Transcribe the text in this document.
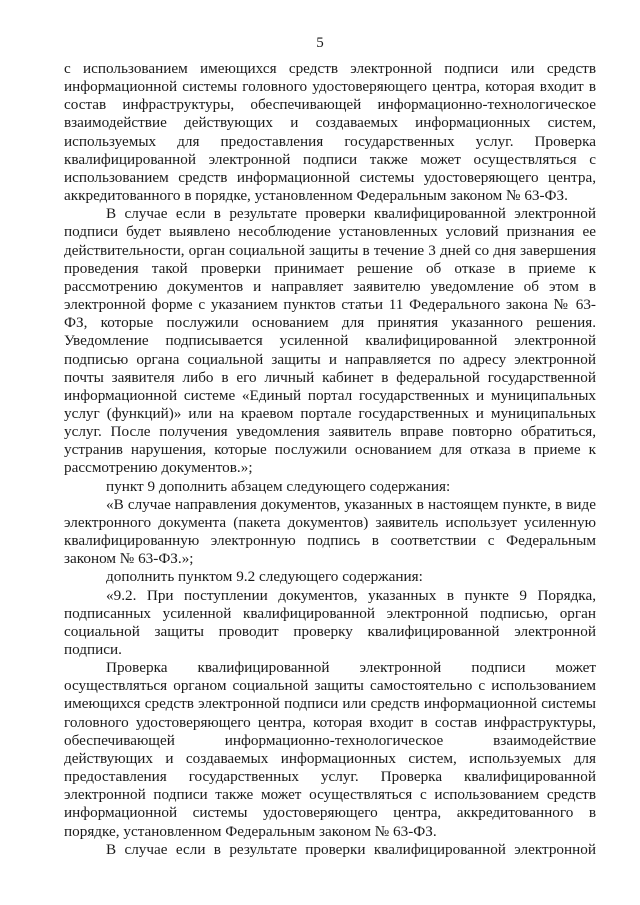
5

с использованием имеющихся средств электронной подписи или средств информационной системы головного удостоверяющего центра, которая входит в состав инфраструктуры, обеспечивающей информационно-технологическое взаимодействие действующих и создаваемых информационных систем, используемых для предоставления государственных услуг. Проверка квалифицированной электронной подписи также может осуществляться с использованием средств информационной системы удостоверяющего центра, аккредитованного в порядке, установленном Федеральным законом № 63-ФЗ.

В случае если в результате проверки квалифицированной электронной подписи будет выявлено несоблюдение установленных условий признания ее действительности, орган социальной защиты в течение 3 дней со дня завершения проведения такой проверки принимает решение об отказе в приеме к рассмотрению документов и направляет заявителю уведомление об этом в электронной форме с указанием пунктов статьи 11 Федерального закона № 63-ФЗ, которые послужили основанием для принятия указанного решения. Уведомление подписывается усиленной квалифицированной электронной подписью органа социальной защиты и направляется по адресу электронной почты заявителя либо в его личный кабинет в федеральной государственной информационной системе «Единый портал государственных и муниципальных услуг (функций)» или на краевом портале государственных и муниципальных услуг. После получения уведомления заявитель вправе повторно обратиться, устранив нарушения, которые послужили основанием для отказа в приеме к рассмотрению документов.»;

пункт 9 дополнить абзацем следующего содержания:

«В случае направления документов, указанных в настоящем пункте, в виде электронного документа (пакета документов) заявитель использует усиленную квалифицированную электронную подпись в соответствии с Федеральным законом № 63-ФЗ.»;

дополнить пунктом 9.2 следующего содержания:

«9.2. При поступлении документов, указанных в пункте 9 Порядка, подписанных усиленной квалифицированной электронной подписью, орган социальной защиты проводит проверку квалифицированной электронной подписи.

Проверка квалифицированной электронной подписи может осуществляться органом социальной защиты самостоятельно с использованием имеющихся средств электронной подписи или средств информационной системы головного удостоверяющего центра, которая входит в состав инфраструктуры, обеспечивающей информационно-технологическое взаимодействие действующих и создаваемых информационных систем, используемых для предоставления государственных услуг. Проверка квалифицированной электронной подписи также может осуществляться с использованием средств информационной системы удостоверяющего центра, аккредитованного в порядке, установленном Федеральным законом № 63-ФЗ.

В случае если в результате проверки квалифицированной электронной
